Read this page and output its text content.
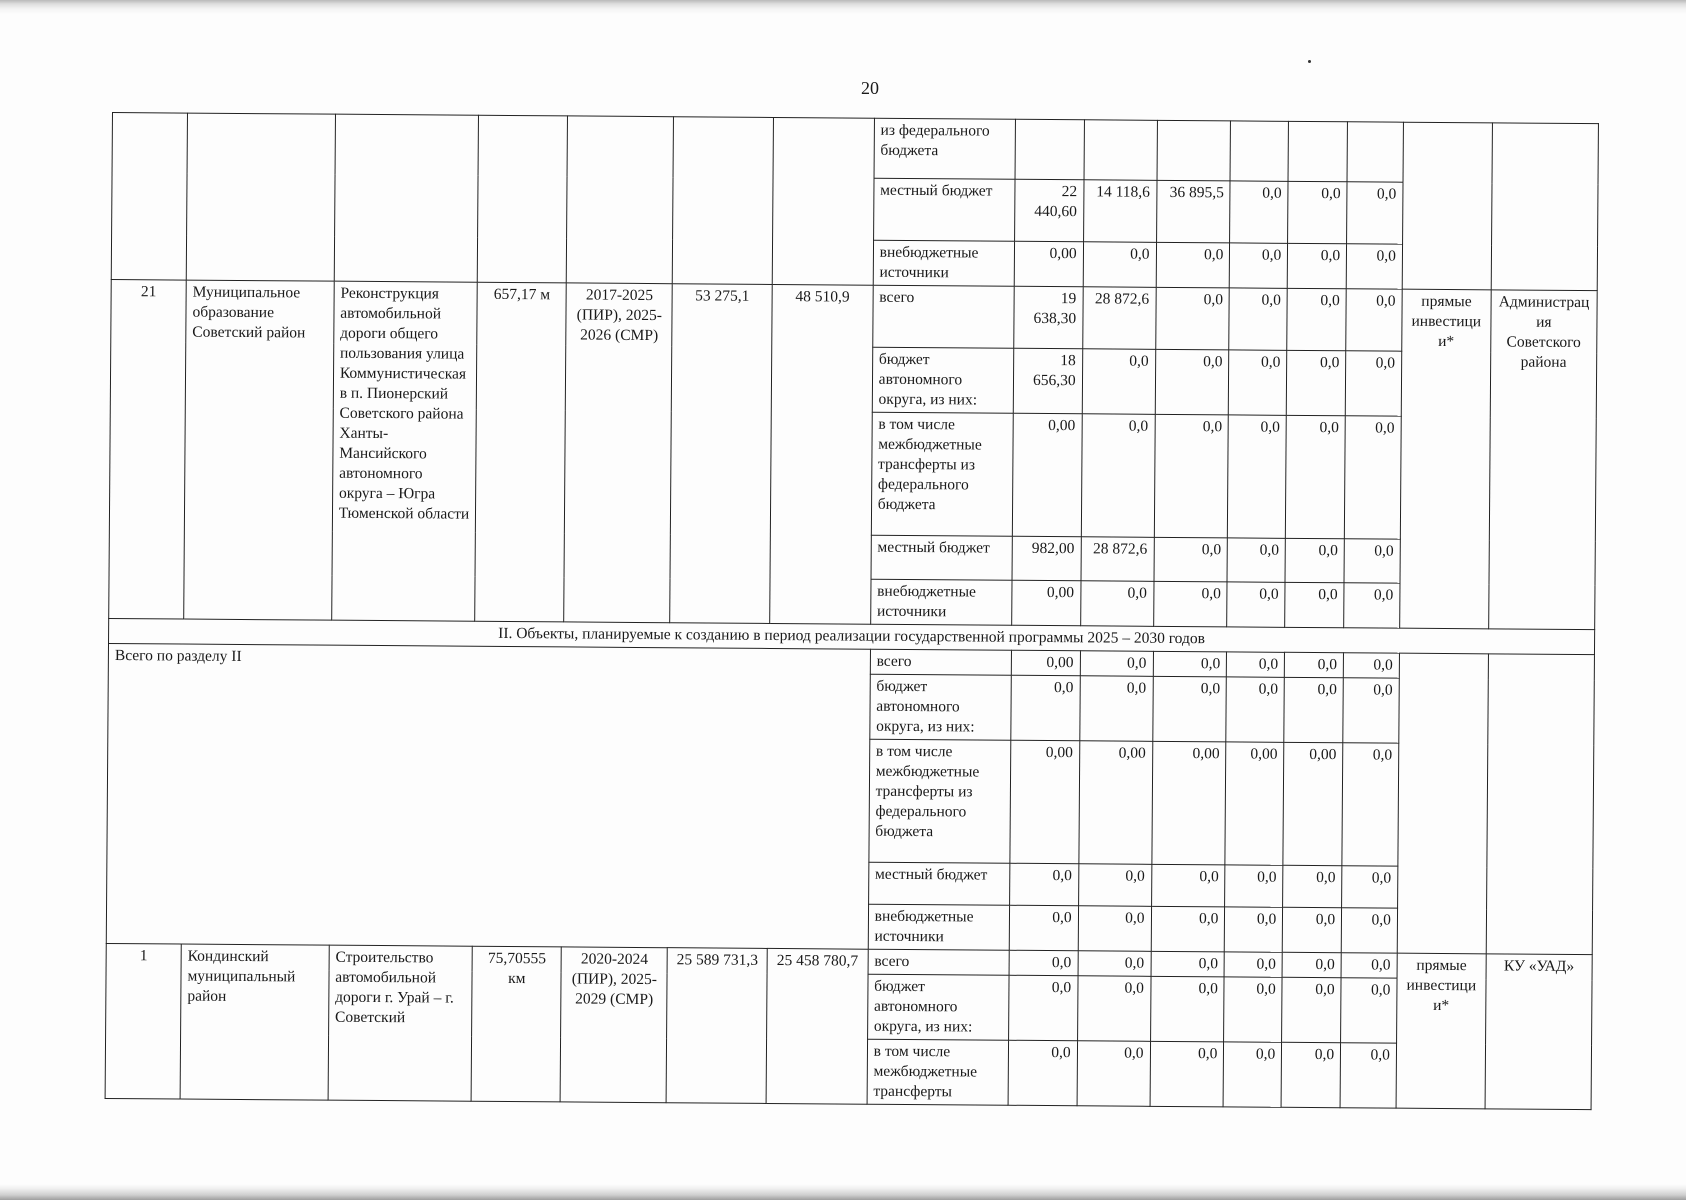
20
							из федерального бюджета								
							местный бюджет	22 440,60	14 118,6	36 895,5	0,0	0,0	0,0		
							внебюджетные источники	0,00	0,0	0,0	0,0	0,0	0,0		
21	Муниципальное образование Советский район	Реконструкция автомобильной дороги общего пользования улица Коммунистическая в п. Пионерский Советского района Ханты-Мансийского автономного округа – Югра Тюменской области	657,17 м	2017-2025 (ПИР), 2025-2026 (СМР)	53 275,1	48 510,9	всего	19 638,30	28 872,6	0,0	0,0	0,0	0,0	прямые инвестиции*	Администрация Советского района
							бюджет автономного округа, из них:	18 656,30	0,0	0,0	0,0	0,0	0,0		
							в том числе межбюджетные трансферты из федерального бюджета	0,00	0,0	0,0	0,0	0,0	0,0		
							местный бюджет	982,00	28 872,6	0,0	0,0	0,0	0,0		
							внебюджетные источники	0,00	0,0	0,0	0,0	0,0	0,0		
II. Объекты, планируемые к созданию в период реализации государственной программы 2025 – 2030 годов															
Всего по разделу II							всего	0,00	0,0	0,0	0,0	0,0	0,0		
							бюджет автономного округа, из них:	0,0	0,0	0,0	0,0	0,0	0,0		
							в том числе межбюджетные трансферты из федерального бюджета	0,00	0,00	0,00	0,00	0,00	0,0		
							местный бюджет	0,0	0,0	0,0	0,0	0,0	0,0		
							внебюджетные источники	0,0	0,0	0,0	0,0	0,0	0,0		
1	Кондинский муниципальный район	Строительство автомобильной дороги г. Урай – г. Советский	75,70555 км	2020-2024 (ПИР), 2025-2029 (СМР)	25 589 731,3	25 458 780,7	всего	0,0	0,0	0,0	0,0	0,0	0,0	прямые инвестиции*	КУ «УАД»
							бюджет автономного округа, из них:	0,0	0,0	0,0	0,0	0,0	0,0		
							в том числе межбюджетные трансферты	0,0	0,0	0,0	0,0	0,0	0,0		
